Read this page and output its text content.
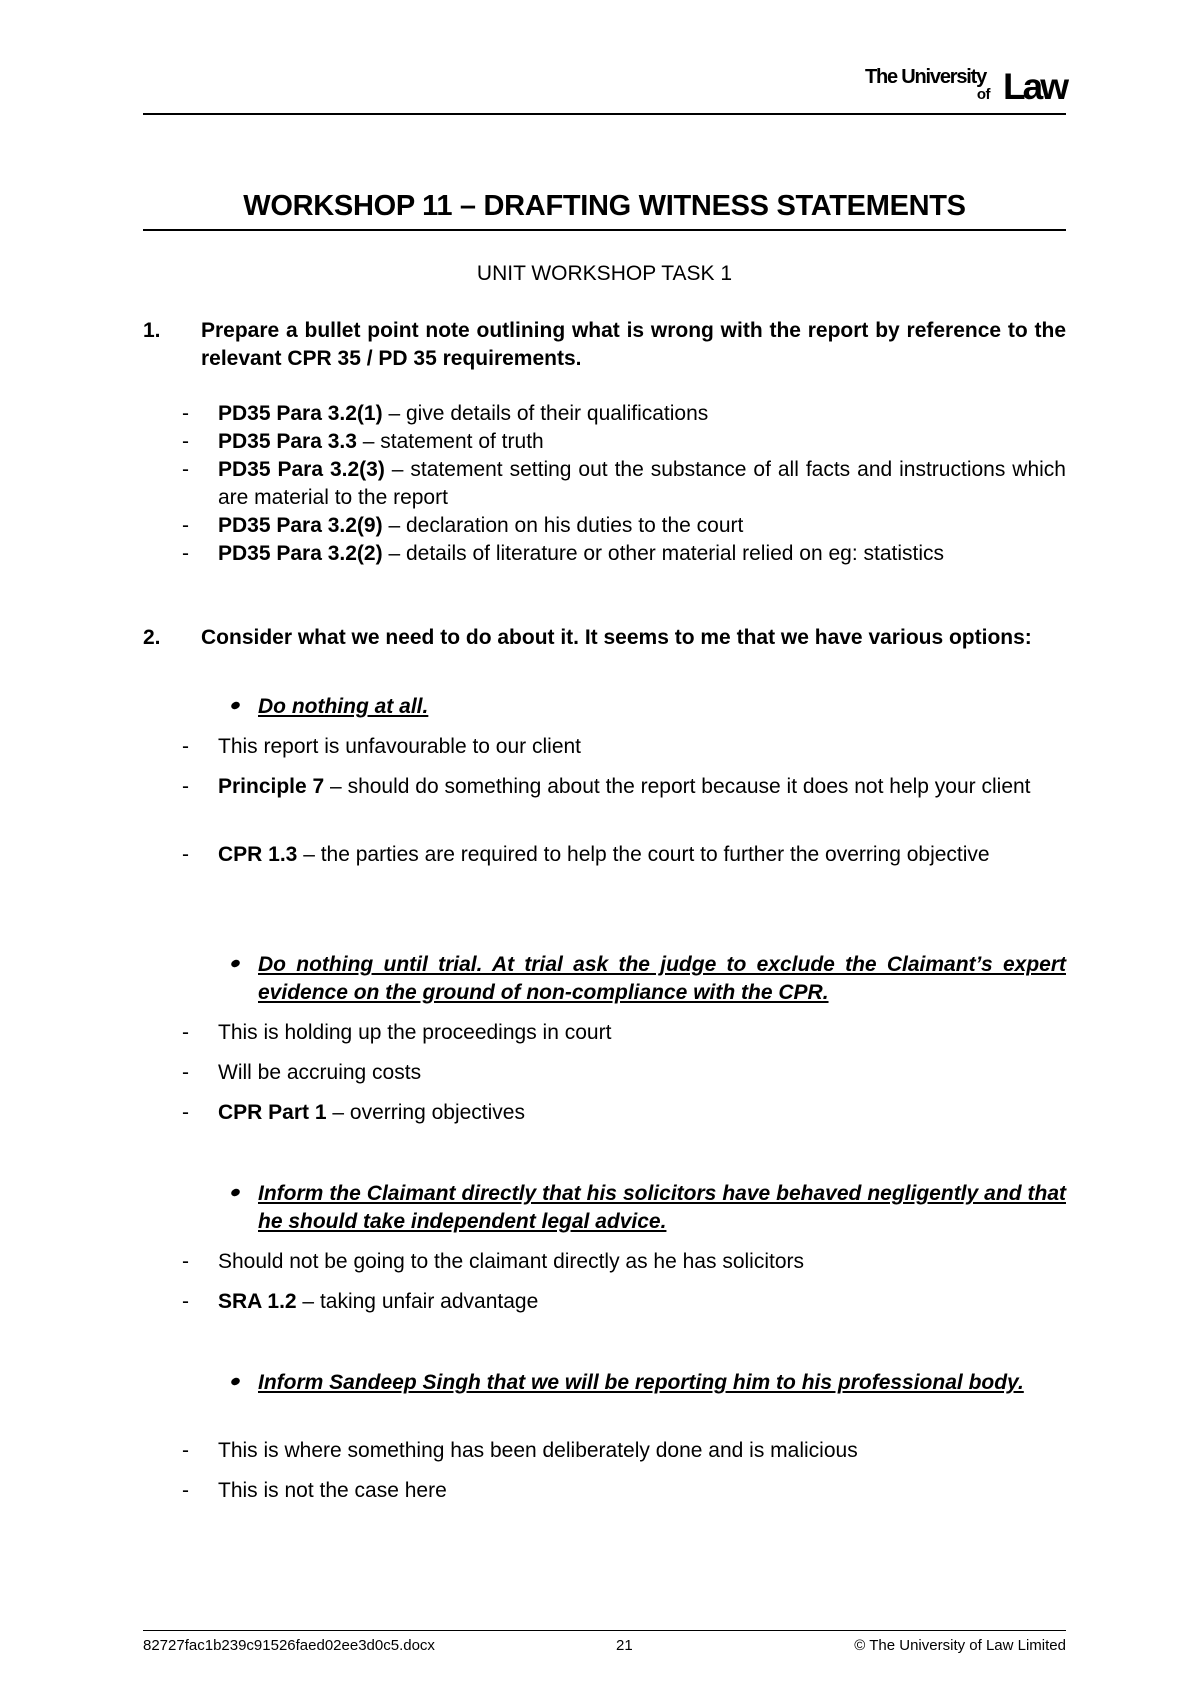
The University
of Law
WORKSHOP 11 – DRAFTING WITNESS STATEMENTS
UNIT WORKSHOP TASK 1
1. Prepare a bullet point note outlining what is wrong with the report by reference to the relevant CPR 35 / PD 35 requirements.
- PD35 Para 3.2(1) – give details of their qualifications
- PD35 Para 3.3 – statement of truth
- PD35 Para 3.2(3) – statement setting out the substance of all facts and instructions which are material to the report
- PD35 Para 3.2(9) – declaration on his duties to the court
- PD35 Para 3.2(2) – details of literature or other material relied on eg: statistics
2. Consider what we need to do about it. It seems to me that we have various options:
Do nothing at all.
- This report is unfavourable to our client
- Principle 7 – should do something about the report because it does not help your client
- CPR 1.3 – the parties are required to help the court to further the overring objective
Do nothing until trial. At trial ask the judge to exclude the Claimant’s expert evidence on the ground of non-compliance with the CPR.
- This is holding up the proceedings in court
- Will be accruing costs
- CPR Part 1 – overring objectives
Inform the Claimant directly that his solicitors have behaved negligently and that he should take independent legal advice.
- Should not be going to the claimant directly as he has solicitors
- SRA 1.2 – taking unfair advantage
Inform Sandeep Singh that we will be reporting him to his professional body.
- This is where something has been deliberately done and is malicious
- This is not the case here
82727fac1b239c91526faed02ee3d0c5.docx	21	© The University of Law Limited
